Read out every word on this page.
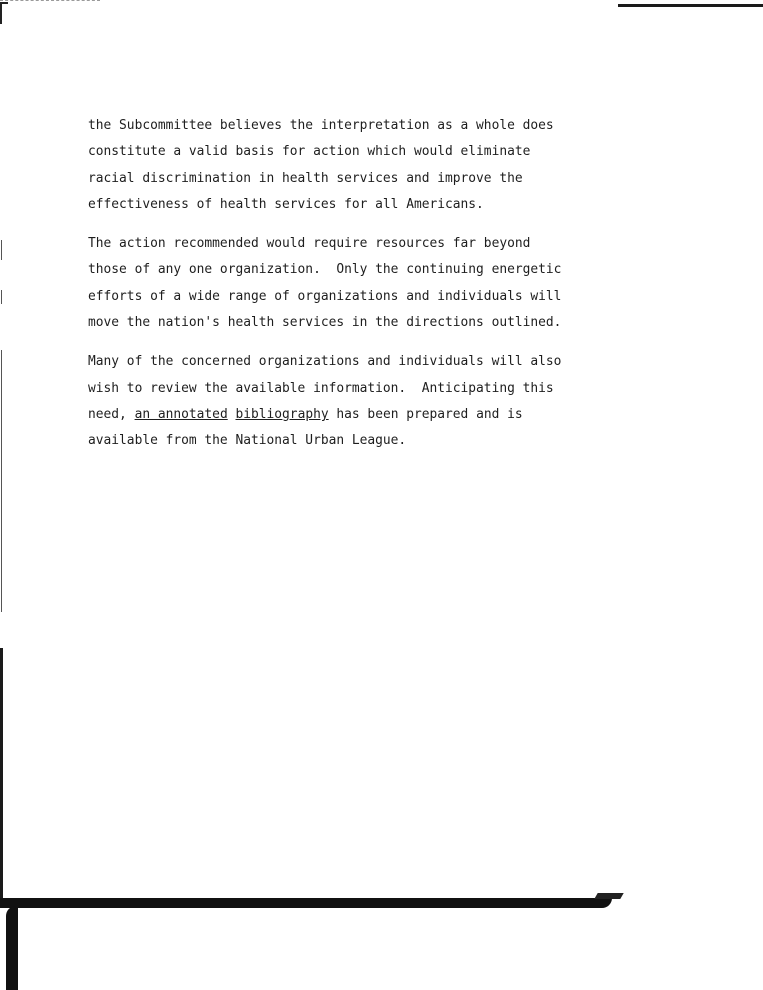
the Subcommittee believes the interpretation as a whole does
constitute a valid basis for action which would eliminate
racial discrimination in health services and improve the
effectiveness of health services for all Americans.
The action recommended would require resources far beyond
those of any one organization.  Only the continuing energetic
efforts of a wide range of organizations and individuals will
move the nation's health services in the directions outlined.
Many of the concerned organizations and individuals will also
wish to review the available information.  Anticipating this
need, an annotated bibliography has been prepared and is
available from the National Urban League.
